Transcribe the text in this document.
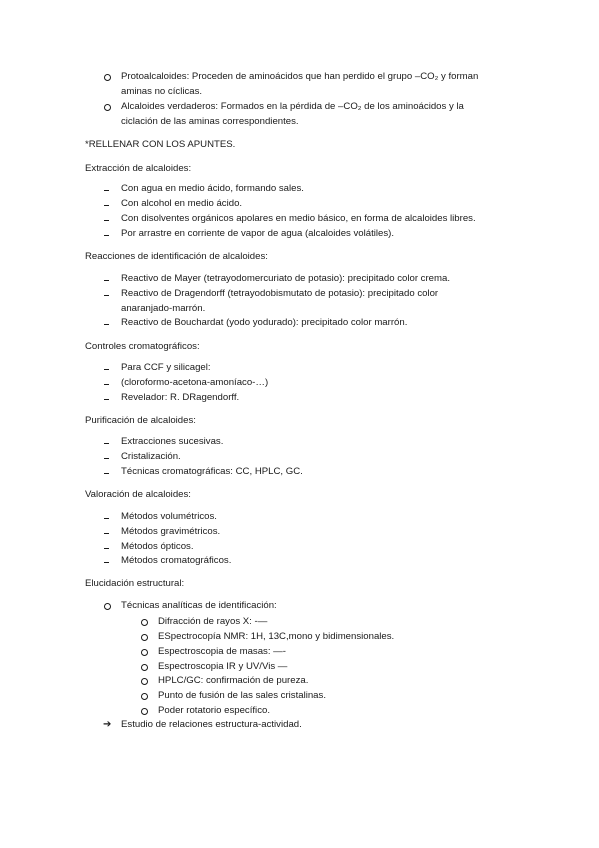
Protoalcaloides: Proceden de aminoácidos que han perdido el grupo –CO₂ y forman
aminas no cíclicas.
Alcaloides verdaderos: Formados en la pérdida de –CO₂ de los aminoácidos y la
ciclación de las aminas correspondientes.
*RELLENAR CON LOS APUNTES.
Extracción de alcaloides:
Con agua en medio ácido, formando sales.
Con alcohol en medio ácido.
Con disolventes orgánicos apolares en medio básico, en forma de alcaloides libres.
Por arrastre en corriente de vapor de agua (alcaloides volátiles).
Reacciones de identificación de alcaloides:
Reactivo de Mayer (tetrayodomercuriato de potasio): precipitado color crema.
Reactivo de Dragendorff (tetrayodobismutato de potasio): precipitado color
anaranjado-marrón.
Reactivo de Bouchardat (yodo yodurado): precipitado color marrón.
Controles cromatográficos:
Para CCF y silicagel:
(cloroformo-acetona-amoníaco-…)
Revelador: R. DRagendorff.
Purificación de alcaloides:
Extracciones sucesivas.
Cristalización.
Técnicas cromatográficas: CC, HPLC, GC.
Valoración de alcaloides:
Métodos volumétricos.
Métodos gravimétricos.
Métodos ópticos.
Métodos cromatográficos.
Elucidación estructural:
Técnicas analíticas de identificación:
Difracción de rayos X: -—
ESpectrocopía NMR: 1H, 13C,mono y bidimensionales.
Espectroscopia de masas: —-
Espectroscopia IR y UV/Vis —
HPLC/GC: confirmación de pureza.
Punto de fusión de las sales cristalinas.
Poder rotatorio específico.
➔	Estudio de relaciones estructura-actividad.
